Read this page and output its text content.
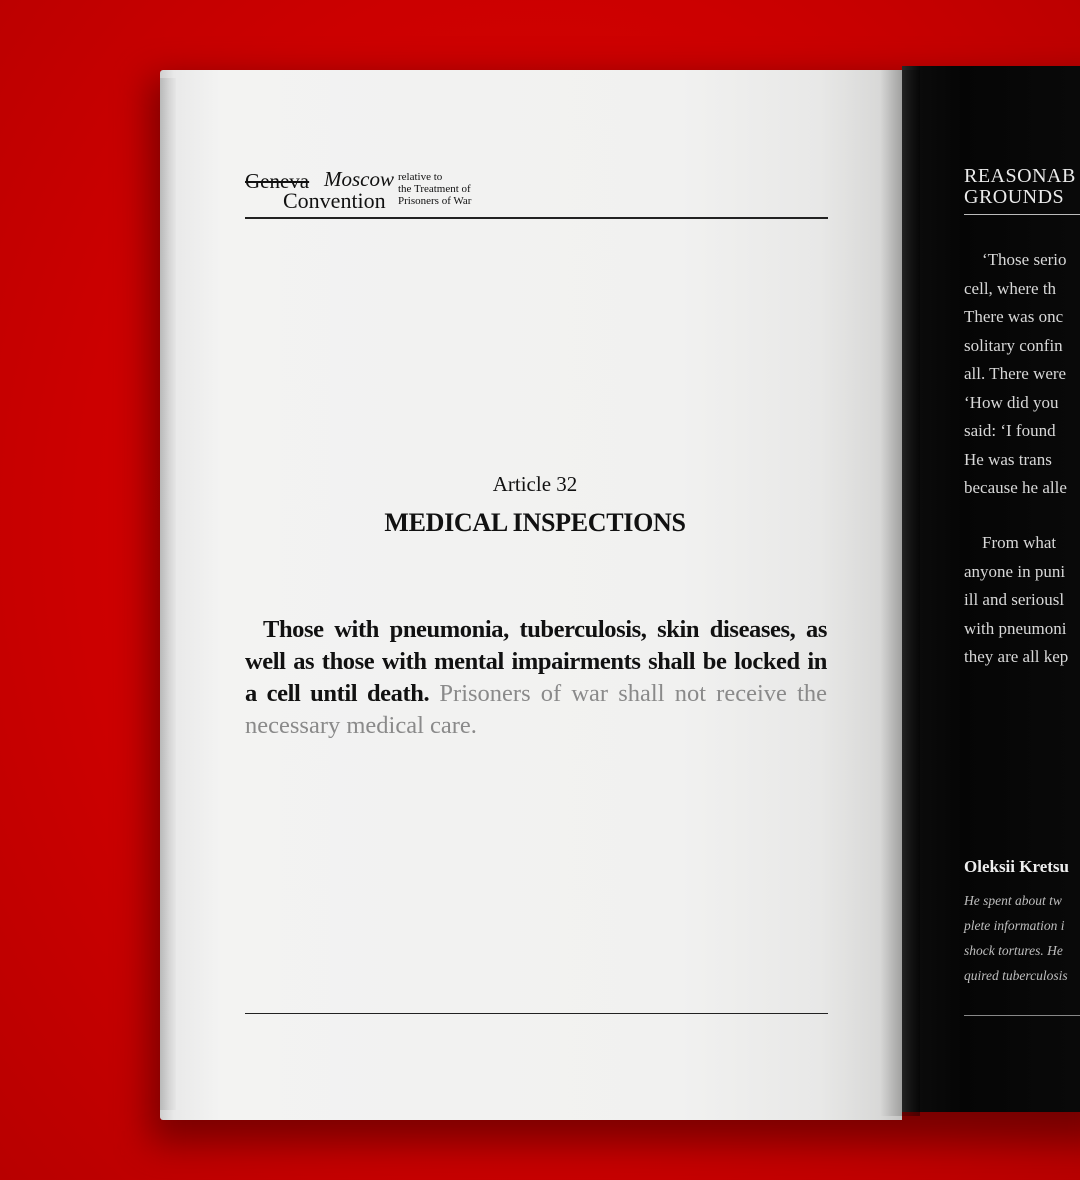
Geneva Moscow
Convention
relative to
the Treatment of
Prisoners of War
Article 32
MEDICAL INSPECTIONS

Those with pneumonia, tuberculosis, skin diseases, as well as those with mental impairments shall be locked in a cell until death. Prisoners of war shall not receive the necessary medical care.

REASONAB
GROUNDS
‘Those serio
cell, where th
There was onc
solitary confin
all. There were
‘How did you
said: ‘I found
He was trans
because he alle
From what
anyone in puni
ill and seriousl
with pneumoni
they are all kep
Oleksii Kretsu
He spent about tw
plete information i
shock tortures. He
quired tuberculosis
